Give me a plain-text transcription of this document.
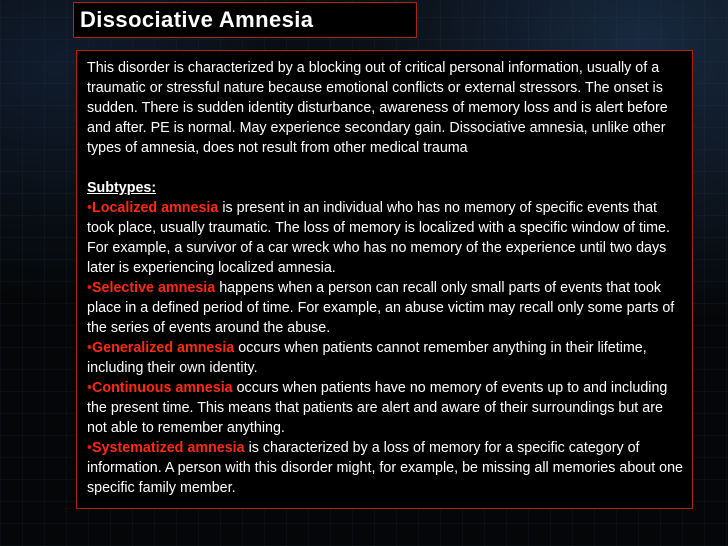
Dissociative Amnesia

This disorder is characterized by a blocking out of critical personal information, usually of a traumatic or stressful nature because emotional conflicts or external stressors. The onset is sudden. There is sudden identity disturbance, awareness of memory loss and is alert before and after. PE is normal. May experience secondary gain. Dissociative amnesia, unlike other types of amnesia, does not result from other medical trauma

Subtypes:

•Localized amnesia is present in an individual who has no memory of specific events that took place, usually traumatic. The loss of memory is localized with a specific window of time. For example, a survivor of a car wreck who has no memory of the experience until two days later is experiencing localized amnesia.

•Selective amnesia happens when a person can recall only small parts of events that took place in a defined period of time. For example, an abuse victim may recall only some parts of the series of events around the abuse.

•Generalized amnesia occurs when patients cannot remember anything in their lifetime, including their own identity.

•Continuous amnesia occurs when patients have no memory of events up to and including the present time. This means that patients are alert and aware of their surroundings but are not able to remember anything.

•Systematized amnesia is characterized by a loss of memory for a specific category of information. A person with this disorder might, for example, be missing all memories about one specific family member.
